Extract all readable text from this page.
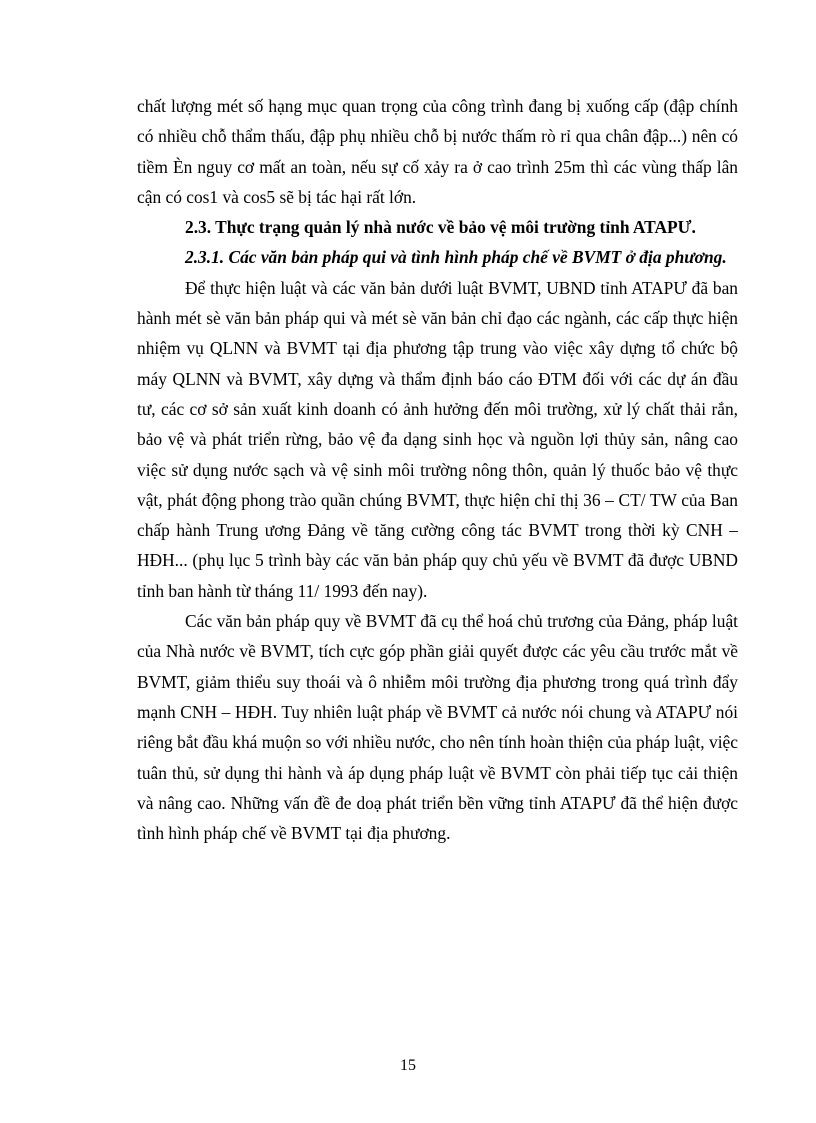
chất lượng mét số hạng mục quan trọng của công trình đang bị xuống cấp (đập chính có nhiều chỗ thẩm thấu, đập phụ nhiều chỗ bị nước thấm rò rỉ qua chân đập...) nên có tiềm Èn nguy cơ mất an toàn, nếu sự cố xảy ra ở cao trình 25m thì các vùng thấp lân cận có cos1 và cos5 sẽ bị tác hại rất lớn.

2.3. Thực trạng quản lý nhà nước về bảo vệ môi trường tỉnh ATAPƯ.
2.3.1. Các văn bản pháp qui và tình hình pháp chế về BVMT ở địa phương.

Để thực hiện luật và các văn bản dưới luật BVMT, UBND tỉnh ATAPƯ đã ban hành mét sè văn bản pháp qui và mét sè văn bản chỉ đạo các ngành, các cấp thực hiện nhiệm vụ QLNN và BVMT tại địa phương tập trung vào việc xây dựng tổ chức bộ máy QLNN và BVMT, xây dựng và thẩm định báo cáo ĐTM đối với các dự án đầu tư, các cơ sở sản xuất kinh doanh có ảnh hưởng đến môi trường, xử lý chất thải rắn, bảo vệ và phát triển rừng, bảo vệ đa dạng sinh học và nguồn lợi thủy sản, nâng cao việc sử dụng nước sạch và vệ sinh môi trường nông thôn, quản lý thuốc bảo vệ thực vật, phát động phong trào quần chúng BVMT, thực hiện chỉ thị 36 – CT/ TW của Ban chấp hành Trung ương Đảng về tăng cường công tác BVMT trong thời kỳ CNH – HĐH... (phụ lục 5 trình bày các văn bản pháp quy chủ yếu về BVMT đã được UBND tỉnh ban hành từ tháng 11/ 1993 đến nay).

Các văn bản pháp quy về BVMT đã cụ thể hoá chủ trương của Đảng, pháp luật của Nhà nước về BVMT, tích cực góp phần giải quyết được các yêu cầu trước mắt về BVMT, giảm thiểu suy thoái và ô nhiễm môi trường địa phương trong quá trình đẩy mạnh CNH – HĐH. Tuy nhiên luật pháp về BVMT cả nước nói chung và ATAPƯ nói riêng bắt đầu khá muộn so với nhiều nước, cho nên tính hoàn thiện của pháp luật, việc tuân thủ, sử dụng thi hành và áp dụng pháp luật về BVMT còn phải tiếp tục cải thiện và nâng cao. Những vấn đề đe doạ phát triển bền vững tỉnh ATAPƯ đã thể hiện được tình hình pháp chế về BVMT tại địa phương.

15
